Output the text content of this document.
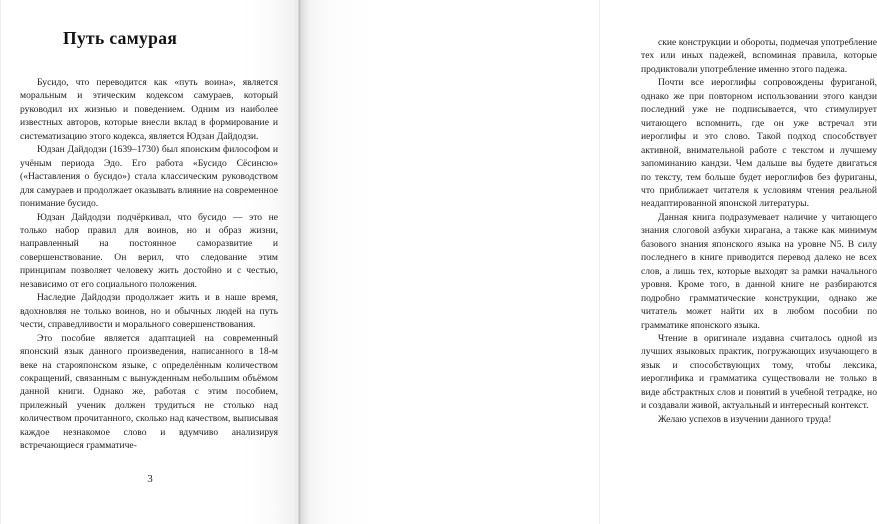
Путь самурая

Бусидо, что переводится как «путь воина», является моральным и этическим кодексом самураев, который руководил их жизнью и поведением. Одним из наиболее известных авторов, которые внесли вклад в формирование и систематизацию этого кодекса, является Юдзан Дайдодзи.

Юдзан Дайдодзи (1639–1730) был японским философом и учёным периода Эдо. Его работа «Бусидо Сёсинсю» («Наставления о бусидо») стала классическим руководством для самураев и продолжает оказывать влияние на современное понимание бусидо.

Юдзан Дайдодзи подчёркивал, что бусидо — это не только набор правил для воинов, но и образ жизни, направленный на постоянное саморазвитие и совершенствование. Он верил, что следование этим принципам позволяет человеку жить достойно и с честью, независимо от его социального положения.

Наследие Дайдодзи продолжает жить и в наше время, вдохновляя не только воинов, но и обычных людей на путь чести, справедливости и морального совершенствования.

Это пособие является адаптацией на современный японский язык данного произведения, написанного в 18-м веке на старояпонском языке, с определённым количеством сокращений, связанным с вынужденным небольшим объёмом данной книги. Однако же, работая с этим пособием, прилежный ученик должен трудиться не столько над количеством прочитанного, сколько над качеством, выписывая каждое незнакомое слово и вдумчиво анализируя встречающиеся грамматиче-

3

ские конструкции и обороты, подмечая употребление тех или иных падежей, вспоминая правила, которые продиктовали употребление именно этого падежа.

Почти все иероглифы сопровождены фуриганой, однако же при повторном использовании этого кандзи последний уже не подписывается, что стимулирует читающего вспомнить, где он уже встречал эти иероглифы и это слово. Такой подход способствует активной, внимательной работе с текстом и лучшему запоминанию кандзи. Чем дальше вы будете двигаться по тексту, тем больше будет иероглифов без фуриганы, что приближает читателя к условиям чтения реальной неадаптированной японской литературы.

Данная книга подразумевает наличие у читающего знания слоговой азбуки хирагана, а также как минимум базового знания японского языка на уровне N5. В силу последнего в книге приводится перевод далеко не всех слов, а лишь тех, которые выходят за рамки начального уровня. Кроме того, в данной книге не разбираются подробно грамматические конструкции, однако же читатель может найти их в любом пособии по грамматике японского языка.

Чтение в оригинале издавна считалось одной из лучших языковых практик, погружающих изучающего в язык и способствующих тому, чтобы лексика, иероглифика и грамматика существовали не только в виде абстрактных слов и понятий в учебной тетрадке, но и создавали живой, актуальный и интересный контекст.

Желаю успехов в изучении данного труда!
